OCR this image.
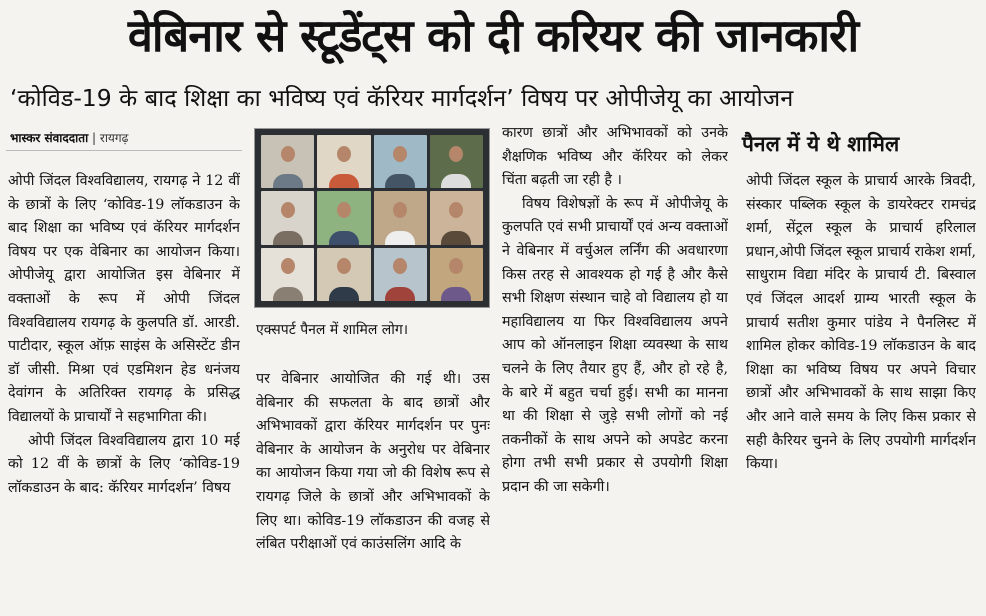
वेबिनार से स्टूडेंट्स को दी करियर की जानकारी
‘कोविड-19 के बाद शिक्षा का भविष्य एवं कॅरियर मार्गदर्शन’ विषय पर ओपीजेयू का आयोजन
भास्कर संवाददाता | रायगढ़

ओपी जिंदल विश्वविद्यालय, रायगढ़ ने 12 वीं के छात्रों के लिए ‘कोविड-19 लॉकडाउन के बाद शिक्षा का भविष्य एवं कॅरियर मार्गदर्शन विषय पर एक वेबिनार का आयोजन किया। ओपीजेयू द्वारा आयोजित इस वेबिनार में वक्ताओं के रूप में ओपी जिंदल विश्वविद्यालय रायगढ़ के कुलपति डॉ. आरडी. पाटीदार, स्कूल ऑफ़ साइंस के असिस्टेंट डीन डॉ जीसी. मिश्रा एवं एडमिशन हेड धनंजय देवांगन के अतिरिक्त रायगढ़ के प्रसिद्ध विद्यालयों के प्राचार्यों ने सहभागिता की।

ओपी जिंदल विश्वविद्यालय द्वारा 10 मई को 12 वीं के छात्रों के लिए ‘कोविड-19 लॉकडाउन के बाद: कॅरियर मार्गदर्शन’ विषय

एक्सपर्ट पैनल में शामिल लोग।

पर वेबिनार आयोजित की गई थी। उस वेबिनार की सफलता के बाद छात्रों और अभिभावकों द्वारा कॅरियर मार्गदर्शन पर पुनः वेबिनार के आयोजन के अनुरोध पर वेबिनार का आयोजन किया गया जो की विशेष रूप से रायगढ़ जिले के छात्रों और अभिभावकों के लिए था। कोविड-19 लॉकडाउन की वजह से लंबित परीक्षाओं एवं काउंसलिंग आदि के

कारण छात्रों और अभिभावकों को उनके शैक्षणिक भविष्य और कॅरियर को लेकर चिंता बढ़ती जा रही है ।

विषय विशेषज्ञों के रूप में ओपीजेयू के कुलपति एवं सभी प्राचार्यों एवं अन्य वक्ताओं ने वेबिनार में वर्चुअल लर्निंग की अवधारणा किस तरह से आवश्यक हो गई है और कैसे सभी शिक्षण संस्थान चाहे वो विद्यालय हो या महाविद्यालय या फिर विश्वविद्यालय अपने आप को ऑनलाइन शिक्षा व्यवस्था के साथ चलने के लिए तैयार हुए हैं, और हो रहे है, के बारे में बहुत चर्चा हुई। सभी का मानना था की शिक्षा से जुड़े सभी लोगों को नई तकनीकों के साथ अपने को अपडेट करना होगा तभी सभी प्रकार से उपयोगी शिक्षा प्रदान की जा सकेगी।

पैनल में ये थे शामिल

ओपी जिंदल स्कूल के प्राचार्य आरके त्रिवदी, संस्कार पब्लिक स्कूल के डायरेक्टर रामचंद्र शर्मा, सेंट्रल स्कूल के प्राचार्य हरिलाल प्रधान,ओपी जिंदल स्कूल प्राचार्य राकेश शर्मा, साधुराम विद्या मंदिर के प्राचार्य टी. बिस्वाल एवं जिंदल आदर्श ग्राम्य भारती स्कूल के प्राचार्य सतीश कुमार पांडेय ने पैनलिस्ट में शामिल होकर कोविड-19 लॉकडाउन के बाद शिक्षा का भविष्य विषय पर अपने विचार छात्रों और अभिभावकों के साथ साझा किए और आने वाले समय के लिए किस प्रकार से सही कैरियर चुनने के लिए उपयोगी मार्गदर्शन किया।
